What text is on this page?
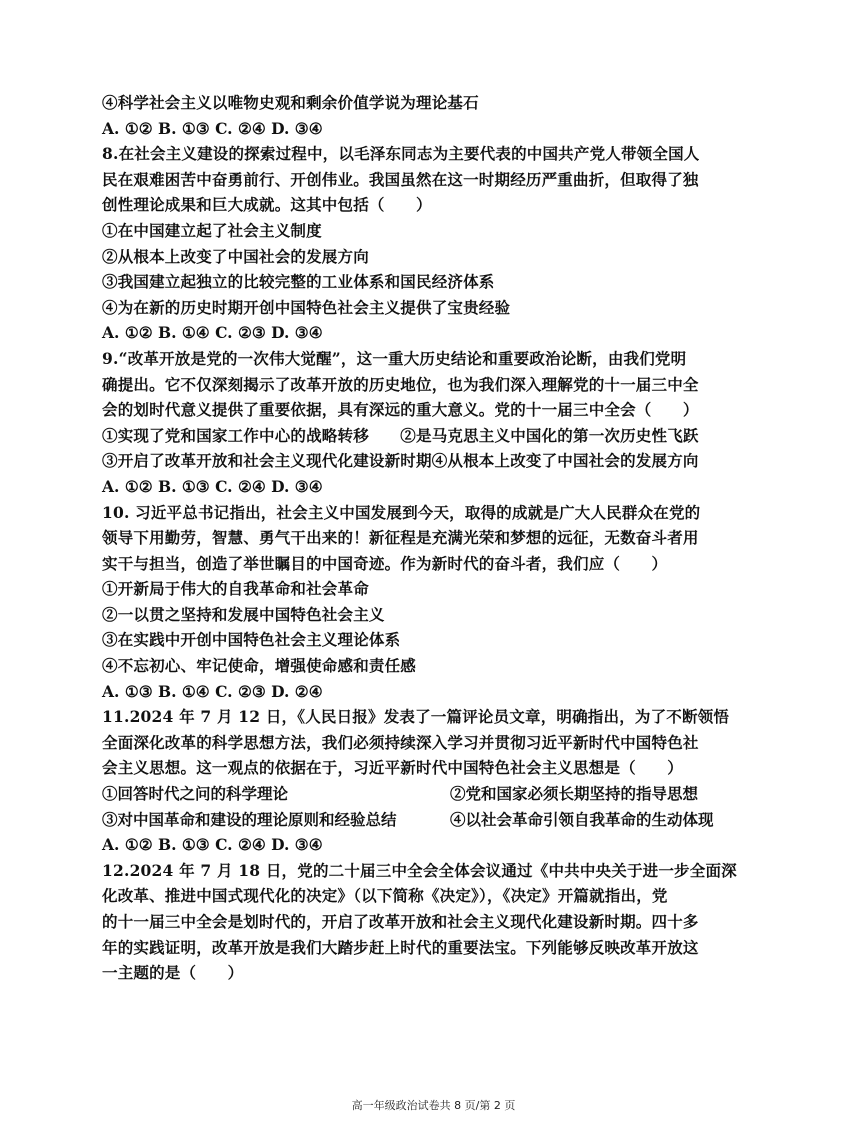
④科学社会主义以唯物史观和剩余价值学说为理论基石
A. ①② B. ①③ C. ②④ D. ③④
8.在社会主义建设的探索过程中，以毛泽东同志为主要代表的中国共产党人带领全国人
民在艰难困苦中奋勇前行、开创伟业。我国虽然在这一时期经历严重曲折，但取得了独
创性理论成果和巨大成就。这其中包括（　　）
①在中国建立起了社会主义制度
②从根本上改变了中国社会的发展方向
③我国建立起独立的比较完整的工业体系和国民经济体系
④为在新的历史时期开创中国特色社会主义提供了宝贵经验
A. ①② B. ①④ C. ②③ D. ③④
9.“改革开放是党的一次伟大觉醒”，这一重大历史结论和重要政治论断，由我们党明
确提出。它不仅深刻揭示了改革开放的历史地位，也为我们深入理解党的十一届三中全
会的划时代意义提供了重要依据，具有深远的重大意义。党的十一届三中全会（　　）
①实现了党和国家工作中心的战略转移　　②是马克思主义中国化的第一次历史性飞跃
③开启了改革开放和社会主义现代化建设新时期④从根本上改变了中国社会的发展方向
A. ①② B. ①③ C. ②④ D. ③④
10. 习近平总书记指出，社会主义中国发展到今天，取得的成就是广大人民群众在党的
领导下用勤劳，智慧、勇气干出来的！新征程是充满光荣和梦想的远征，无数奋斗者用
实干与担当，创造了举世瞩目的中国奇迹。作为新时代的奋斗者，我们应（　　）
①开新局于伟大的自我革命和社会革命
②一以贯之坚持和发展中国特色社会主义
③在实践中开创中国特色社会主义理论体系
④不忘初心、牢记使命，增强使命感和责任感
A. ①③ B. ①④ C. ②③ D. ②④
11.2024 年 7 月 12 日，《人民日报》发表了一篇评论员文章，明确指出，为了不断领悟
全面深化改革的科学思想方法，我们必须持续深入学习并贯彻习近平新时代中国特色社
会主义思想。这一观点的依据在于，习近平新时代中国特色社会主义思想是（　　）
①回答时代之问的科学理论	②党和国家必须长期坚持的指导思想
③对中国革命和建设的理论原则和经验总结	④以社会革命引领自我革命的生动体现
A. ①② B. ①③ C. ②④ D. ③④
12.2024 年 7 月 18 日，党的二十届三中全会全体会议通过《中共中央关于进一步全面深
化改革、推进中国式现代化的决定》（以下简称《决定》），《决定》开篇就指出，党
的十一届三中全会是划时代的，开启了改革开放和社会主义现代化建设新时期。四十多
年的实践证明，改革开放是我们大踏步赶上时代的重要法宝。下列能够反映改革开放这
一主题的是（　　）
高一年级政治试卷共 8 页/第 2 页
